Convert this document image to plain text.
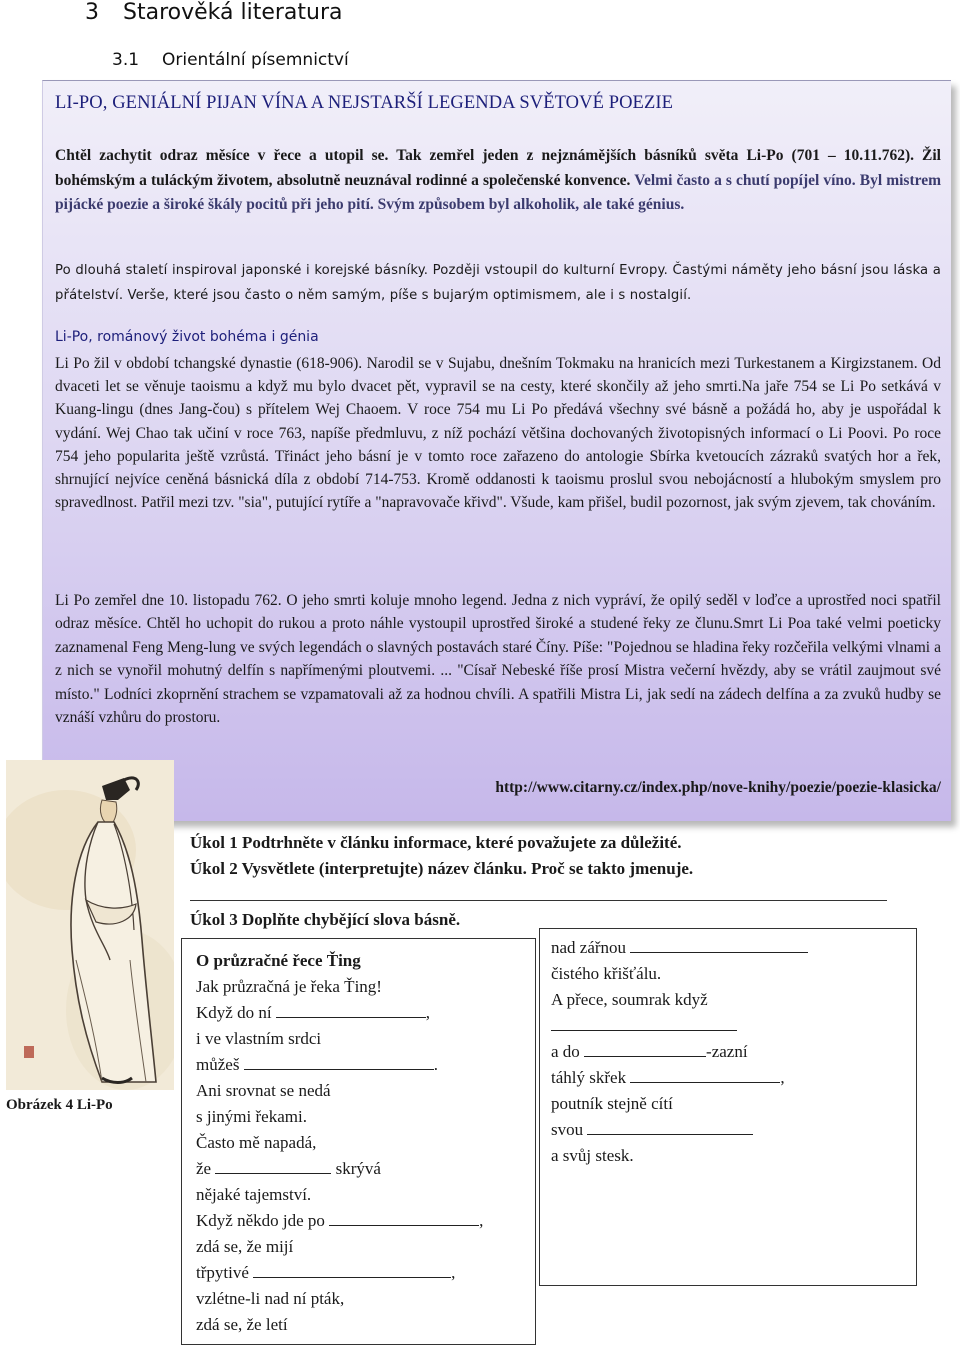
3 Starověká literatura
3.1 Orientální písemnictví
LI-PO, GENIÁLNÍ PIJAN VÍNA A NEJSTARŠÍ LEGENDA SVĚTOVÉ POEZIE
Chtěl zachytit odraz měsíce v řece a utopil se. Tak zemřel jeden z nejznámějších básníků světa Li-Po (701 – 10.11.762). Žil bohémským a tuláckým životem, absolutně neuznával rodinné a společenské konvence. Velmi často a s chutí popíjel víno. Byl mistrem pijácké poezie a široké škály pocitů při jeho pití. Svým způsobem byl alkoholik, ale také génius.
Po dlouhá staletí inspiroval japonské i korejské básníky. Později vstoupil do kulturní Evropy. Častými náměty jeho básní jsou láska a přátelství. Verše, které jsou často o něm samým, píše s bujarým optimismem, ale i s nostalgií.
Li-Po, románový život bohéma i génia
Li Po žil v období tchangské dynastie (618-906). Narodil se v Sujabu, dnešním Tokmaku na hranicích mezi Turkestanem a Kirgizstanem. Od dvaceti let se věnuje taoismu a když mu bylo dvacet pět, vypravil se na cesty, které skončily až jeho smrti.Na jaře 754 se Li Po setkává v Kuang-lingu (dnes Jang-čou) s přítelem Wej Chaoem. V roce 754 mu Li Po předává všechny své básně a požádá ho, aby je uspořádal k vydání. Wej Chao tak učiní v roce 763, napíše předmluvu, z níž pochází většina dochovaných životopisných informací o Li Poovi. Po roce 754 jeho popularita ještě vzrůstá. Třináct jeho básní je v tomto roce zařazeno do antologie Sbírka kvetoucích zázraků svatých hor a řek, shrnující nejvíce ceněná básnická díla z období 714-753. Kromě oddanosti k taoismu proslul svou nebojácností a hlubokým smyslem pro spravedlnost. Patřil mezi tzv. "sia", putující rytíře a "napravovače křivd". Všude, kam přišel, budil pozornost, jak svým zjevem, tak chováním.
Li Po zemřel dne 10. listopadu 762. O jeho smrti koluje mnoho legend. Jedna z nich vypráví, že opilý seděl v loďce a uprostřed noci spatřil odraz měsíce. Chtěl ho uchopit do rukou a proto náhle vystoupil uprostřed široké a studené řeky ze člunu.Smrt Li Poa také velmi poeticky zaznamenal Feng Meng-lung ve svých legendách o slavných postavách staré Číny. Píše: "Pojednou se hladina řeky rozčeřila velkými vlnami a z nich se vynořil mohutný delfín s napřímenými ploutvemi. ... "Císař Nebeské říše prosí Mistra večerní hvězdy, aby se vrátil zaujmout své místo." Lodníci zkoprnění strachem se vzpamatovali až za hodnou chvíli. A spatřili Mistra Li, jak sedí na zádech delfína a za zvuků hudby se vznáší vzhůru do prostoru.
http://www.citarny.cz/index.php/nove-knihy/poezie/poezie-klasicka/
Obrázek 4 Li-Po
Úkol 1 Podtrhněte v článku informace, které považujete za důležité.
Úkol 2 Vysvětlete (interpretujte) název článku. Proč se takto jmenuje.
Úkol 3 Doplňte chybějící slova básně.
O průzračné řece Ťing
Jak průzračná je řeka Ťing!
Když do ní	,
i ve vlastním srdci
můžeš	.
Ani srovnat se nedá
s jinými řekami.
Často mě napadá,
že	skrývá
nějaké tajemství.
Když někdo jde po	,
zdá se, že mijí
třpytivé	,
vzlétne-li nad ní pták,
zdá se, že letí
nad zářnou
čistého křišťálu.
A přece, soumrak když
a do	-zazní
táhlý skřek	,
poutník stejně cítí
svou
a svůj stesk.
